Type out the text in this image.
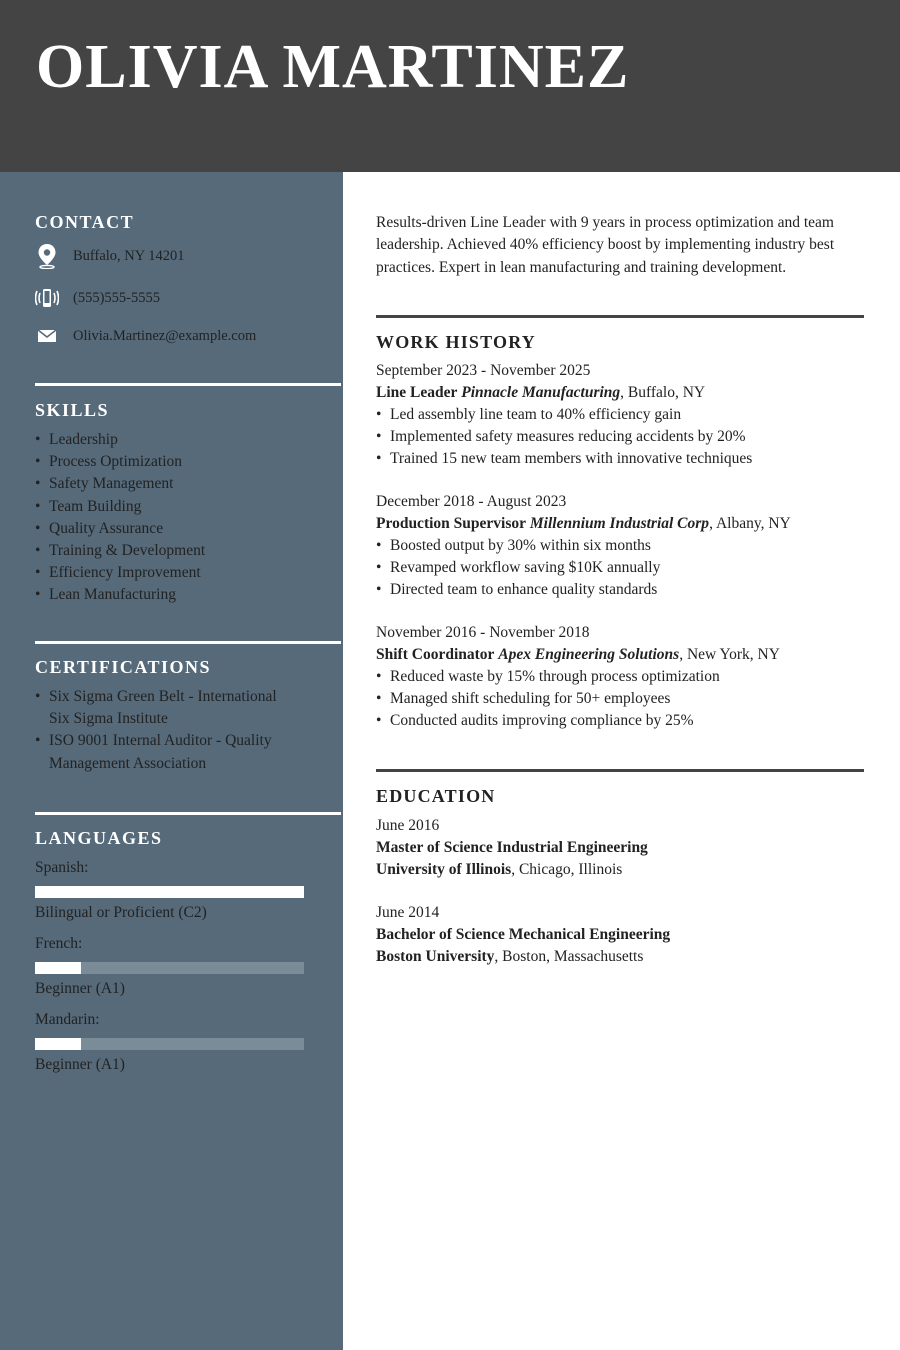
OLIVIA MARTINEZ
CONTACT
Buffalo, NY 14201
(555)555-5555
Olivia.Martinez@example.com
SKILLS
• Leadership
• Process Optimization
• Safety Management
• Team Building
• Quality Assurance
• Training & Development
• Efficiency Improvement
• Lean Manufacturing
CERTIFICATIONS
• Six Sigma Green Belt - International Six Sigma Institute
• ISO 9001 Internal Auditor - Quality Management Association
LANGUAGES
Spanish:
Bilingual or Proficient (C2)
French:
Beginner (A1)
Mandarin:
Beginner (A1)

Results-driven Line Leader with 9 years in process optimization and team leadership. Achieved 40% efficiency boost by implementing industry best practices. Expert in lean manufacturing and training development.

WORK HISTORY
September 2023 - November 2025
Line Leader Pinnacle Manufacturing, Buffalo, NY
• Led assembly line team to 40% efficiency gain
• Implemented safety measures reducing accidents by 20%
• Trained 15 new team members with innovative techniques
December 2018 - August 2023
Production Supervisor Millennium Industrial Corp, Albany, NY
• Boosted output by 30% within six months
• Revamped workflow saving $10K annually
• Directed team to enhance quality standards
November 2016 - November 2018
Shift Coordinator Apex Engineering Solutions, New York, NY
• Reduced waste by 15% through process optimization
• Managed shift scheduling for 50+ employees
• Conducted audits improving compliance by 25%
EDUCATION
June 2016
Master of Science Industrial Engineering
University of Illinois, Chicago, Illinois
June 2014
Bachelor of Science Mechanical Engineering
Boston University, Boston, Massachusetts
